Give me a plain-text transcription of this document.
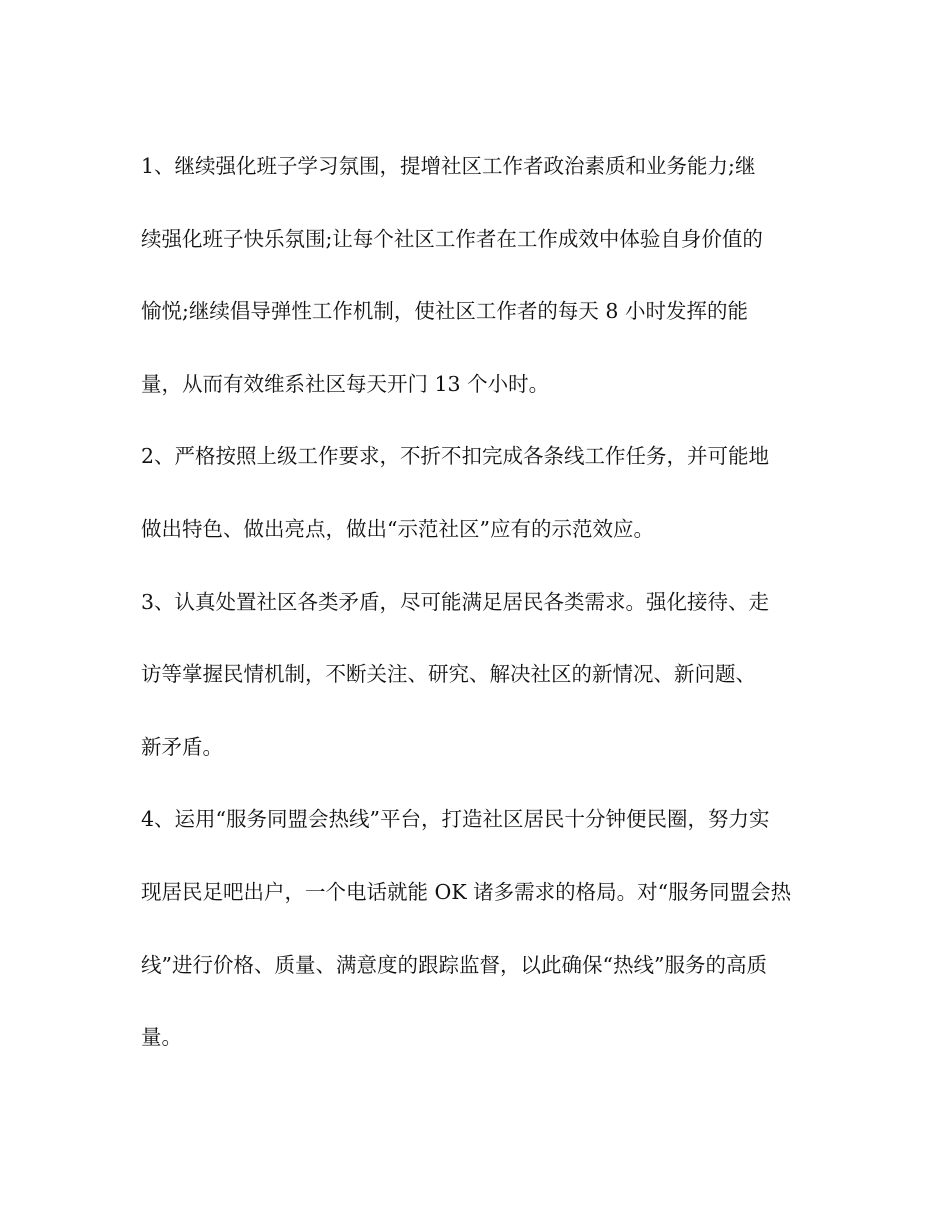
1、继续强化班子学习氛围，提增社区工作者政治素质和业务能力;继
续强化班子快乐氛围;让每个社区工作者在工作成效中体验自身价值的
愉悦;继续倡导弹性工作机制，使社区工作者的每天 8 小时发挥的能
量，从而有效维系社区每天开门 13 个小时。
2、严格按照上级工作要求，不折不扣完成各条线工作任务，并可能地
做出特色、做出亮点，做出“示范社区”应有的示范效应。
3、认真处置社区各类矛盾，尽可能满足居民各类需求。强化接待、走
访等掌握民情机制，不断关注、研究、解决社区的新情况、新问题、
新矛盾。
4、运用“服务同盟会热线”平台，打造社区居民十分钟便民圈，努力实
现居民足吧出户，一个电话就能 OK 诸多需求的格局。对“服务同盟会热
线”进行价格、质量、满意度的跟踪监督，以此确保“热线”服务的高质
量。
